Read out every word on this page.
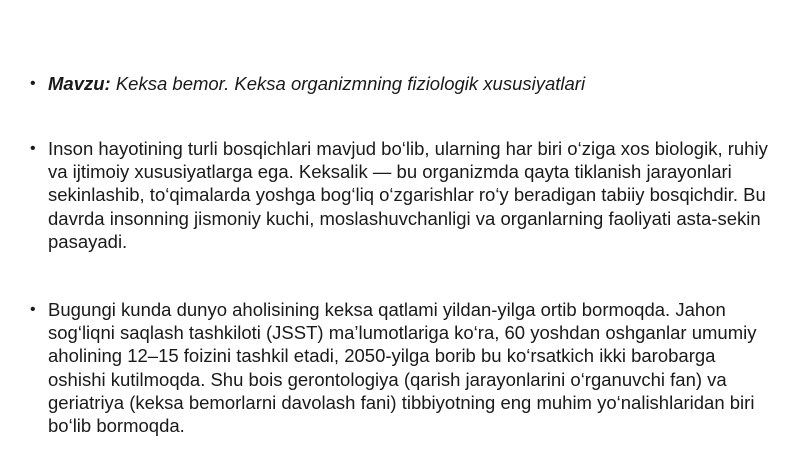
• Mavzu: Keksa bemor. Keksa organizmning fiziologik xususiyatlari
• Inson hayotining turli bosqichlari mavjud bo‘lib, ularning har biri o‘ziga xos biologik, ruhiy va ijtimoiy xususiyatlarga ega. Keksalik — bu organizmda qayta tiklanish jarayonlari sekinlashib, to‘qimalarda yoshga bog‘liq o‘zgarishlar ro‘y beradigan tabiiy bosqichdir. Bu davrda insonning jismoniy kuchi, moslashuvchanligi va organlarning faoliyati asta-sekin pasayadi.
• Bugungi kunda dunyo aholisining keksa qatlami yildan-yilga ortib bormoqda. Jahon sog‘liqni saqlash tashkiloti (JSST) ma’lumotlariga ko‘ra, 60 yoshdan oshganlar umumiy aholining 12–15 foizini tashkil etadi, 2050-yilga borib bu ko‘rsatkich ikki barobarga oshishi kutilmoqda. Shu bois gerontologiya (qarish jarayonlarini o‘rganuvchi fan) va geriatriya (keksa bemorlarni davolash fani) tibbiyotning eng muhim yo‘nalishlaridan biri bo‘lib bormoqda.
